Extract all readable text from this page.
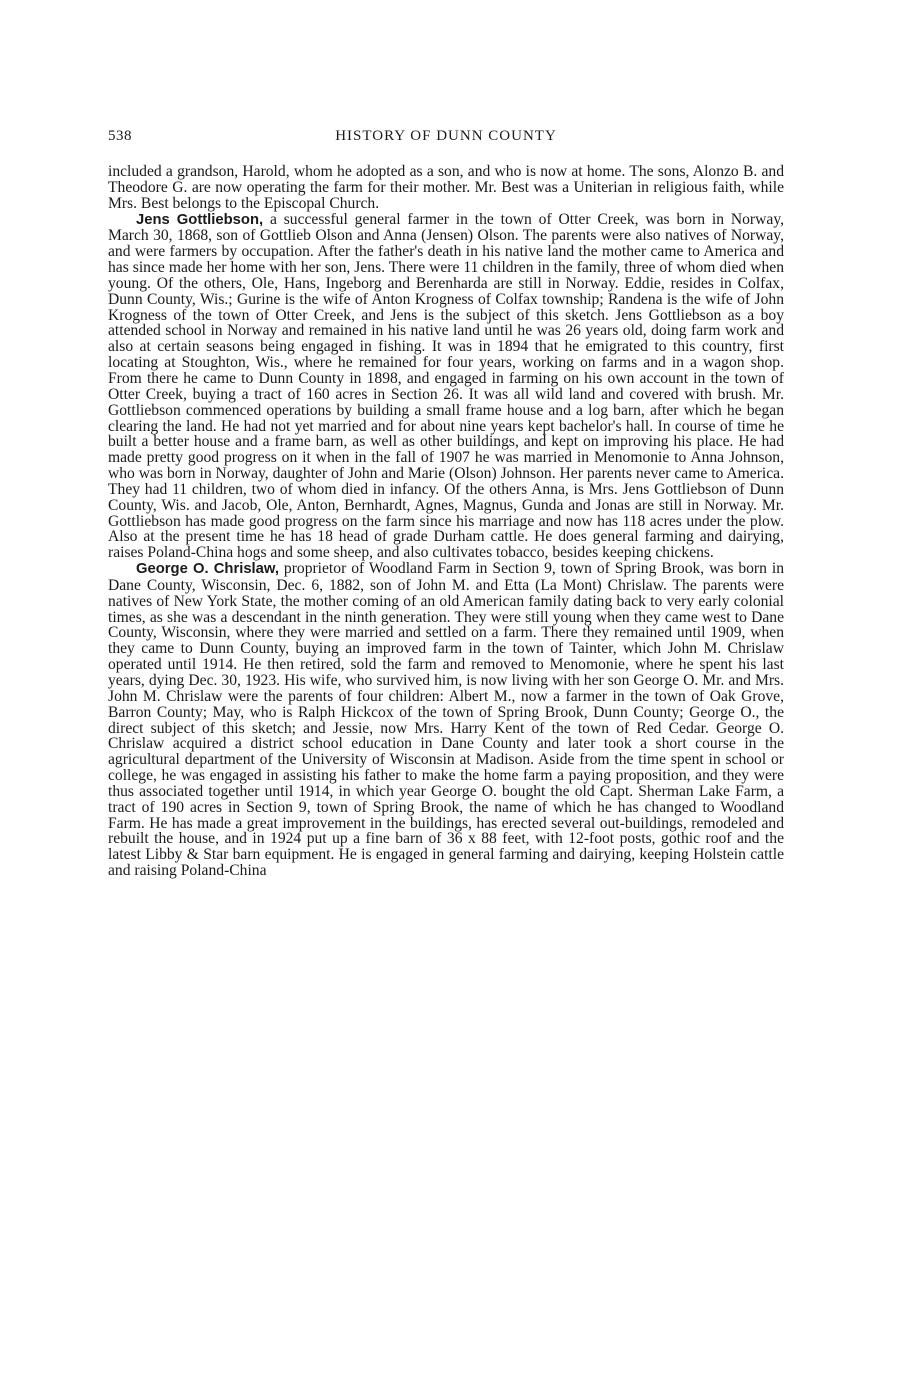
538	HISTORY OF DUNN COUNTY

included a grandson, Harold, whom he adopted as a son, and who is now at home. The sons, Alonzo B. and Theodore G. are now operating the farm for their mother. Mr. Best was a Uniterian in religious faith, while Mrs. Best belongs to the Episcopal Church.

Jens Gottliebson, a successful general farmer in the town of Otter Creek, was born in Norway, March 30, 1868, son of Gottlieb Olson and Anna (Jensen) Olson. The parents were also natives of Norway, and were farmers by occupation. After the father's death in his native land the mother came to America and has since made her home with her son, Jens. There were 11 children in the family, three of whom died when young. Of the others, Ole, Hans, Ingeborg and Berenharda are still in Norway. Eddie, resides in Colfax, Dunn County, Wis.; Gurine is the wife of Anton Krogness of Colfax township; Randena is the wife of John Krogness of the town of Otter Creek, and Jens is the subject of this sketch. Jens Gottliebson as a boy attended school in Norway and remained in his native land until he was 26 years old, doing farm work and also at certain seasons being engaged in fishing. It was in 1894 that he emigrated to this country, first locating at Stoughton, Wis., where he remained for four years, working on farms and in a wagon shop. From there he came to Dunn County in 1898, and engaged in farming on his own account in the town of Otter Creek, buying a tract of 160 acres in Section 26. It was all wild land and covered with brush. Mr. Gottliebson commenced operations by building a small frame house and a log barn, after which he began clearing the land. He had not yet married and for about nine years kept bachelor's hall. In course of time he built a better house and a frame barn, as well as other buildings, and kept on improving his place. He had made pretty good progress on it when in the fall of 1907 he was married in Menomonie to Anna Johnson, who was born in Norway, daughter of John and Marie (Olson) Johnson. Her parents never came to America. They had 11 children, two of whom died in infancy. Of the others Anna, is Mrs. Jens Gottliebson of Dunn County, Wis. and Jacob, Ole, Anton, Bernhardt, Agnes, Magnus, Gunda and Jonas are still in Norway. Mr. Gottliebson has made good progress on the farm since his marriage and now has 118 acres under the plow. Also at the present time he has 18 head of grade Durham cattle. He does general farming and dairying, raises Poland-China hogs and some sheep, and also cultivates tobacco, besides keeping chickens.

George O. Chrislaw, proprietor of Woodland Farm in Section 9, town of Spring Brook, was born in Dane County, Wisconsin, Dec. 6, 1882, son of John M. and Etta (La Mont) Chrislaw. The parents were natives of New York State, the mother coming of an old American family dating back to very early colonial times, as she was a descendant in the ninth generation. They were still young when they came west to Dane County, Wisconsin, where they were married and settled on a farm. There they remained until 1909, when they came to Dunn County, buying an improved farm in the town of Tainter, which John M. Chrislaw operated until 1914. He then retired, sold the farm and removed to Menomonie, where he spent his last years, dying Dec. 30, 1923. His wife, who survived him, is now living with her son George O. Mr. and Mrs. John M. Chrislaw were the parents of four children: Albert M., now a farmer in the town of Oak Grove, Barron County; May, who is Ralph Hickcox of the town of Spring Brook, Dunn County; George O., the direct subject of this sketch; and Jessie, now Mrs. Harry Kent of the town of Red Cedar. George O. Chrislaw acquired a district school education in Dane County and later took a short course in the agricultural department of the University of Wisconsin at Madison. Aside from the time spent in school or college, he was engaged in assisting his father to make the home farm a paying proposition, and they were thus associated together until 1914, in which year George O. bought the old Capt. Sherman Lake Farm, a tract of 190 acres in Section 9, town of Spring Brook, the name of which he has changed to Woodland Farm. He has made a great improvement in the buildings, has erected several out-buildings, remodeled and rebuilt the house, and in 1924 put up a fine barn of 36 x 88 feet, with 12-foot posts, gothic roof and the latest Libby & Star barn equipment. He is engaged in general farming and dairying, keeping Holstein cattle and raising Poland-China
